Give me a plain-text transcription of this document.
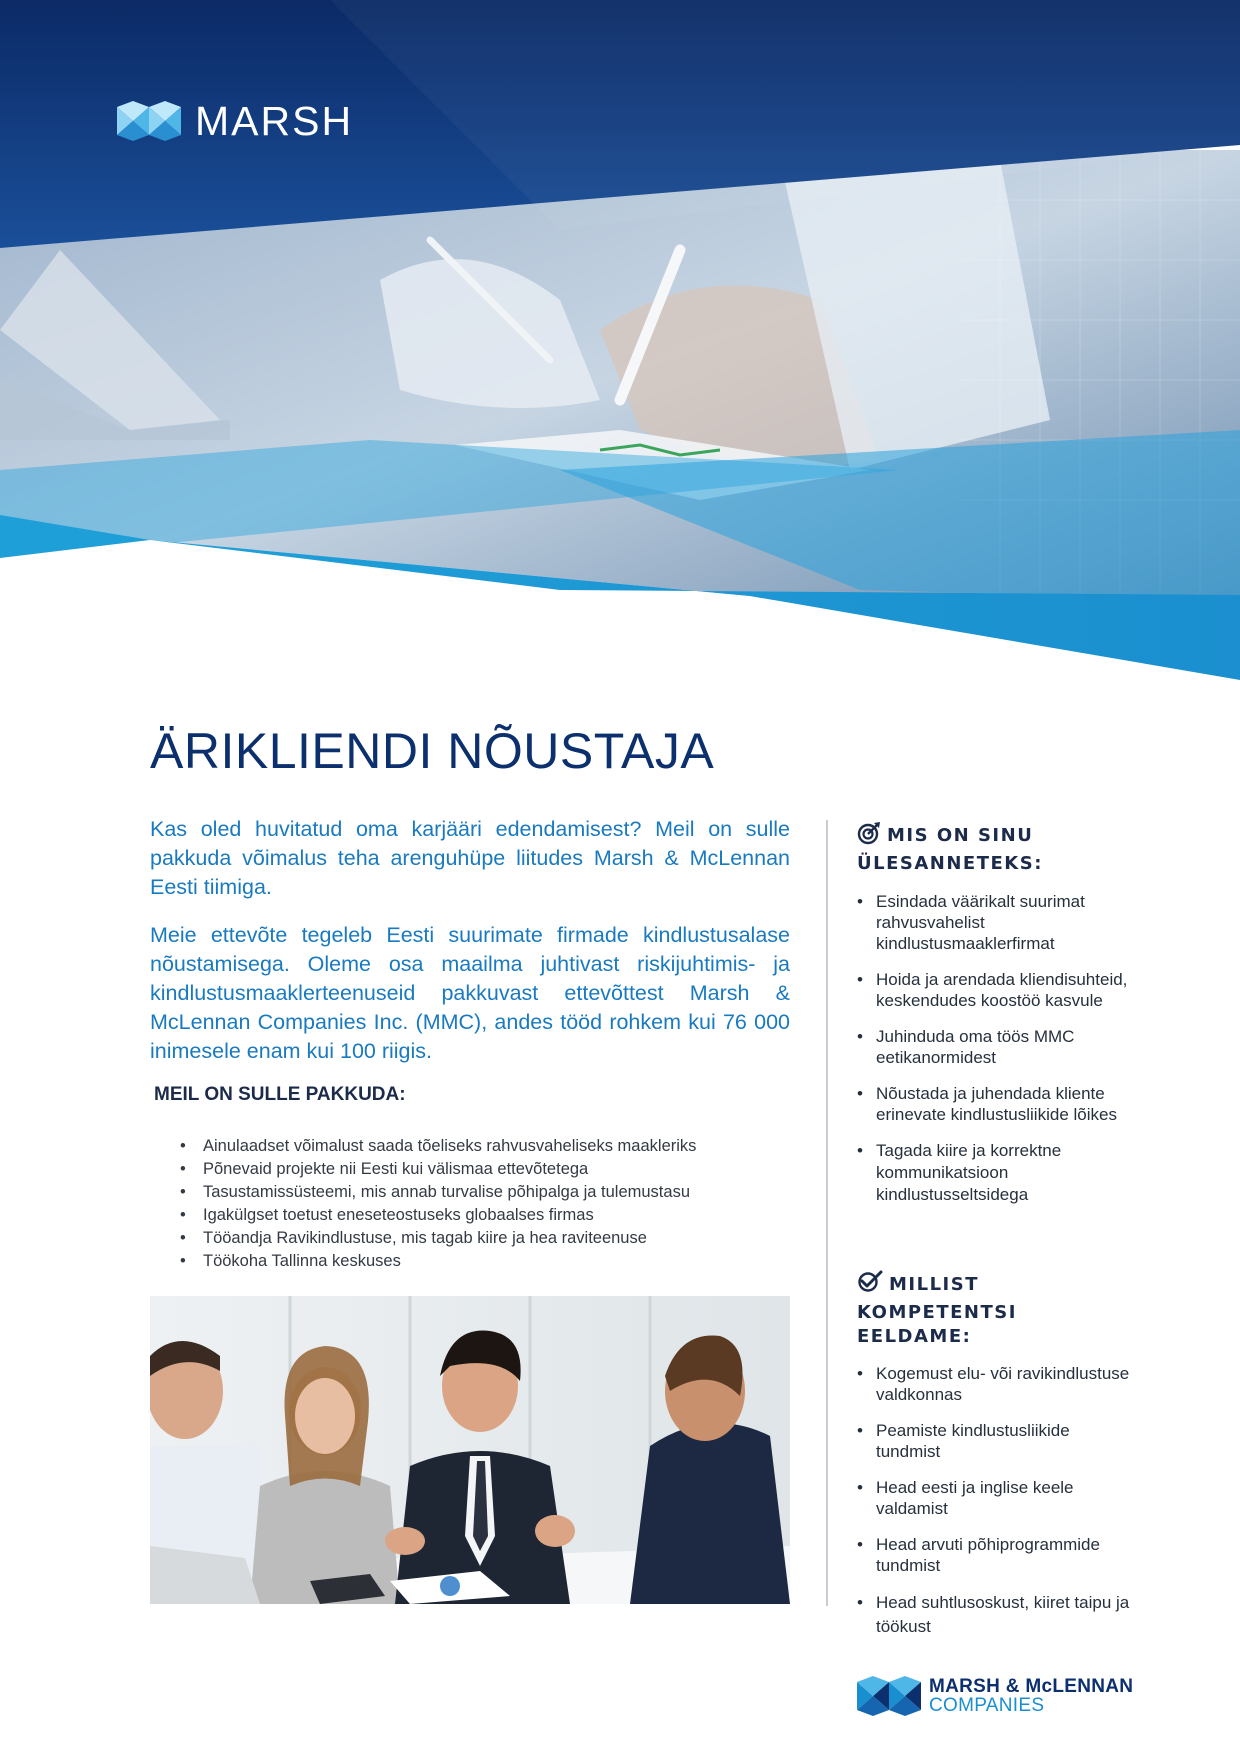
MARSH
ÄRIKLIENDI NÕUSTAJA

Kas oled huvitatud oma karjääri edendamisest? Meil on sulle pakkuda võimalus teha arenguhüpe liitudes Marsh & McLennan Eesti tiimiga.

Meie ettevõte tegeleb Eesti suurimate firmade kindlustusalase nõustamisega. Oleme osa maailma juhtivast riskijuhtimis- ja kindlustusmaaklerteenuseid pakkuvast ettevõttest Marsh & McLennan Companies Inc. (MMC), andes tööd rohkem kui 76 000 inimesele enam kui 100 riigis.

MEIL ON SULLE PAKKUDA:
• Ainulaadset võimalust saada tõeliseks rahvusvaheliseks maakleriks
• Põnevaid projekte nii Eesti kui välismaa ettevõtetega
• Tasustamissüsteemi, mis annab turvalise põhipalga ja tulemustasu
• Igakülgset toetust eneseteostuseks globaalses firmas
• Tööandja Ravikindlustuse, mis tagab kiire ja hea raviteenuse
• Töökoha Tallinna keskuses
MIS ON SINU
ÜLESANNETEKS:
• Esindada väärikalt suurimat rahvusvahelist kindlustusmaaklerfirmat
• Hoida ja arendada kliendisuhteid, keskendudes koostöö kasvule
• Juhinduda oma töös MMC eetikanormidest
• Nõustada ja juhendada kliente erinevate kindlustusliikide lõikes
• Tagada kiire ja korrektne kommunikatsioon kindlustusseltsidega
MILLIST KOMPETENTSI
EELDAME:
• Kogemust elu- või ravikindlustuse valdkonnas
• Peamiste kindlustusliikide tundmist
• Head eesti ja inglise keele valdamist
• Head arvuti põhiprogrammide tundmist
• Head suhtlusoskust, kiiret taipu ja töökust
MARSH & McLENNAN
COMPANIES
